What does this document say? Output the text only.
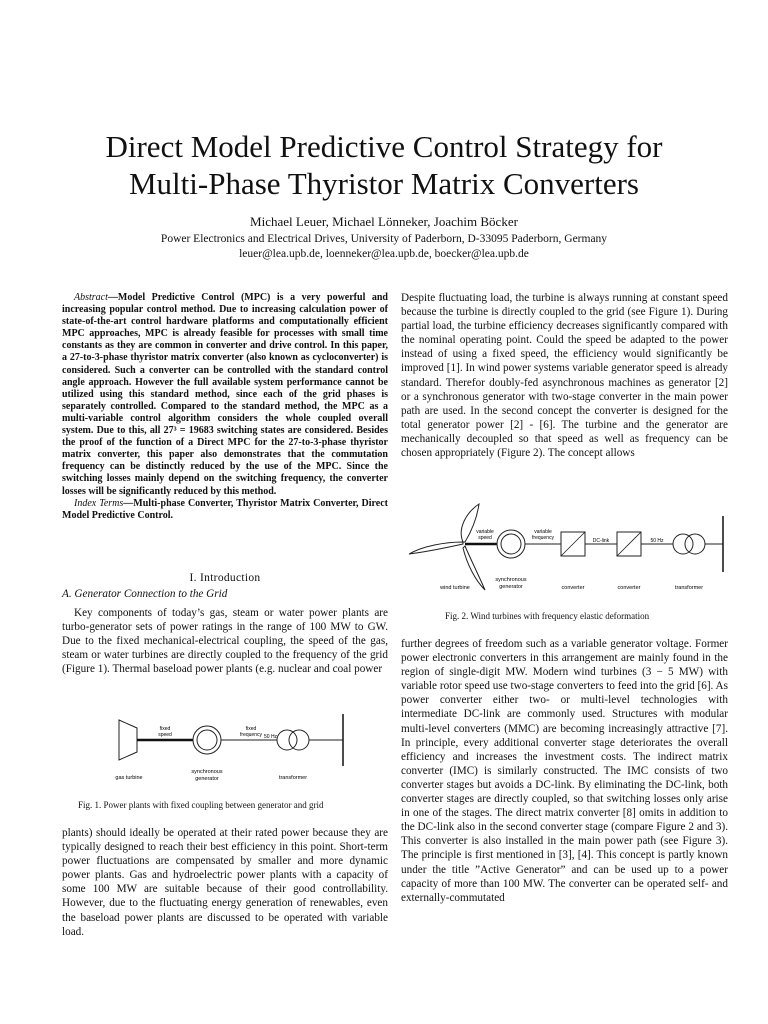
Direct Model Predictive Control Strategy for
Multi-Phase Thyristor Matrix Converters
Michael Leuer, Michael Lönneker, Joachim Böcker
Power Electronics and Electrical Drives, University of Paderborn, D-33095 Paderborn, Germany
leuer@lea.upb.de, loenneker@lea.upb.de, boecker@lea.upb.de

Abstract—Model Predictive Control (MPC) is a very powerful and increasing popular control method. Due to increasing calculation power of state-of-the-art control hardware platforms and computationally efficient MPC approaches, MPC is already feasible for processes with small time constants as they are common in converter and drive control. In this paper, a 27-to-3-phase thyristor matrix converter (also known as cycloconverter) is considered. Such a converter can be controlled with the standard control angle approach. However the full available system performance cannot be utilized using this standard method, since each of the grid phases is separately controlled. Compared to the standard method, the MPC as a multi-variable control algorithm considers the whole coupled overall system. Due to this, all 27³ = 19683 switching states are considered. Besides the proof of the function of a Direct MPC for the 27-to-3-phase thyristor matrix converter, this paper also demonstrates that the commutation frequency can be distinctly reduced by the use of the MPC. Since the switching losses mainly depend on the switching frequency, the converter losses will be significantly reduced by this method.

Index Terms—Multi-phase Converter, Thyristor Matrix Converter, Direct Model Predictive Control.

I. Introduction
A. Generator Connection to the Grid

Key components of today’s gas, steam or water power plants are turbo-generator sets of power ratings in the range of 100 MW to GW. Due to the fixed mechanical-electrical coupling, the speed of the gas, steam or water turbines are directly coupled to the frequency of the grid (Figure 1). Thermal baseload power plants (e.g. nuclear and coal power

fixed
speed
fixed
frequency 50 Hz
gas turbine
synchronous
generator	transformer
Fig. 1. Power plants with fixed coupling between generator and grid

plants) should ideally be operated at their rated power because they are typically designed to reach their best efficiency in this point. Short-term power fluctuations are compensated by smaller and more dynamic power plants. Gas and hydroelectric power plants with a capacity of some 100 MW are suitable because of their good controllability. However, due to the fluctuating energy generation of renewables, even the baseload power plants are discussed to be operated with variable load.

Despite fluctuating load, the turbine is always running at constant speed because the turbine is directly coupled to the grid (see Figure 1). During partial load, the turbine efficiency decreases significantly compared with the nominal operating point. Could the speed be adapted to the power instead of using a fixed speed, the efficiency would significantly be improved [1]. In wind power systems variable generator speed is already standard. Therefor doubly-fed asynchronous machines as generator [2] or a synchronous generator with two-stage converter in the main power path are used. In the second concept the converter is designed for the total generator power [2] - [6]. The turbine and the generator are mechanically decoupled so that speed as well as frequency can be chosen appropriately (Figure 2). The concept allows

variable
speed
variable
frequency	DC-link	50 Hz
wind turbine
synchronous
generator	converter	converter	transformer
Fig. 2. Wind turbines with frequency elastic deformation

further degrees of freedom such as a variable generator voltage. Former power electronic converters in this arrangement are mainly found in the region of single-digit MW. Modern wind turbines (3 − 5 MW) with variable rotor speed use two-stage converters to feed into the grid [6]. As power converter either two- or multi-level technologies with intermediate DC-link are commonly used. Structures with modular multi-level converters (MMC) are becoming increasingly attractive [7]. In principle, every additional converter stage deteriorates the overall efficiency and increases the investment costs. The indirect matrix converter (IMC) is similarly constructed. The IMC consists of two converter stages but avoids a DC-link. By eliminating the DC-link, both converter stages are directly coupled, so that switching losses only arise in one of the stages. The direct matrix converter [8] omits in addition to the DC-link also in the second converter stage (compare Figure 2 and 3). This converter is also installed in the main power path (see Figure 3). The principle is first mentioned in [3], [4]. This concept is partly known under the title ”Active Generator” and can be used up to a power capacity of more than 100 MW. The converter can be operated self- and externally-commutated
